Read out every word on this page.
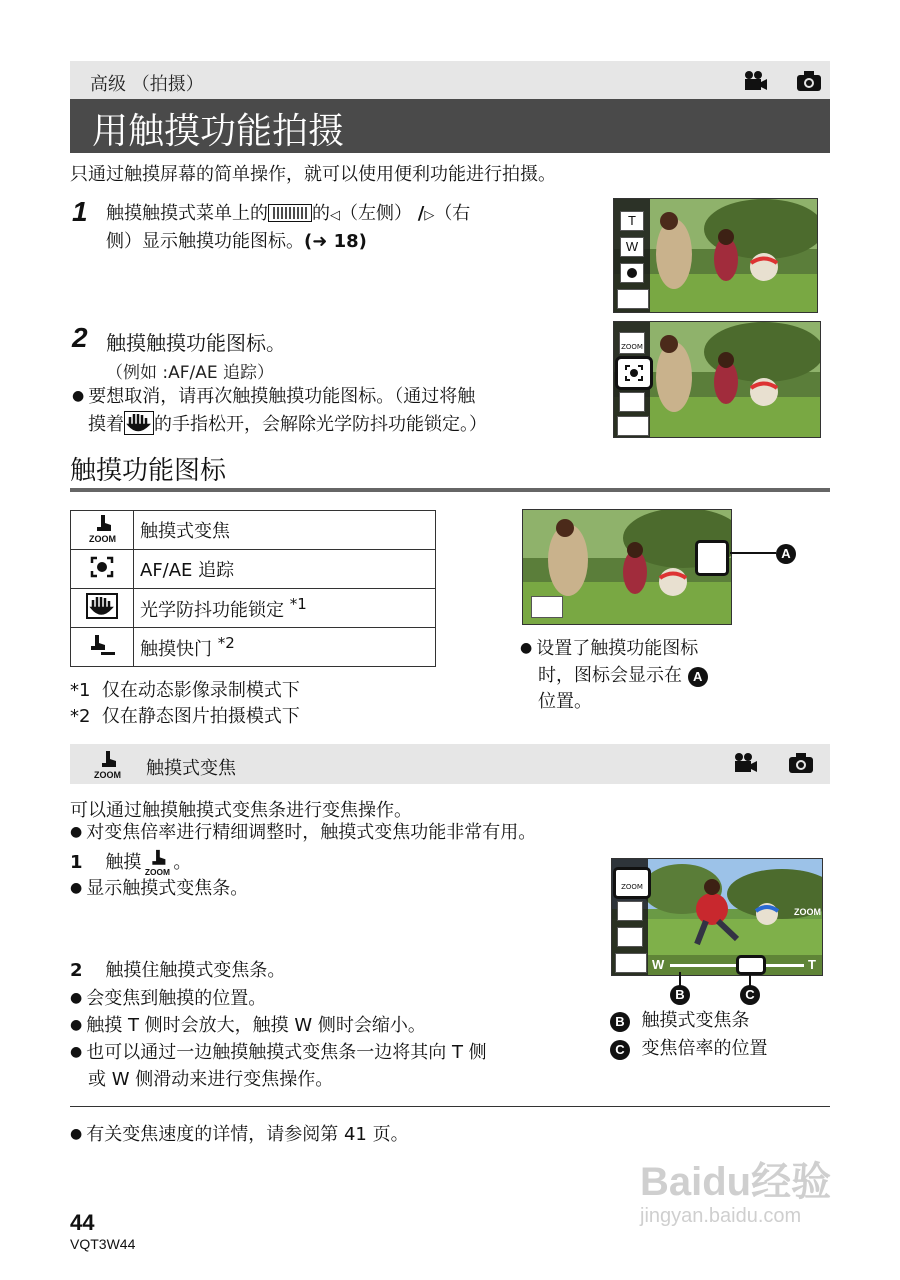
高级 （拍摄）
用触摸功能拍摄
只通过触摸屏幕的简单操作，就可以使用便利功能进行拍摄。
1 触摸触摸式菜单上的 的◁（左侧） /▷（右
侧）显示触摸功能图标。(➜ 18)
T
W
2 触摸触摸功能图标。
（例如 :AF/AE 追踪）
● 要想取消，请再次触摸触摸功能图标。（通过将触
摸着 的手指松开，会解除光学防抖功能锁定。）
ZOOM
触摸功能图标
ZOOM	触摸式变焦
	AF/AE 追踪
	光学防抖功能锁定 $^{*1}$
	触摸快门 $^{*2}$
*1 仅在动态影像录制模式下
*2 仅在静态图片拍摄模式下
A
● 设置了触摸功能图标
时，图标会显示在 A
位置。
ZOOM 触摸式变焦
可以通过触摸触摸式变焦条进行变焦操作。
● 对变焦倍率进行精细调整时，触摸式变焦功能非常有用。
1 触摸 ZOOM 。
● 显示触摸式变焦条。
2 触摸住触摸式变焦条。
● 会变焦到触摸的位置。
● 触摸 T 侧时会放大，触摸 W 侧时会缩小。
● 也可以通过一边触摸触摸式变焦条一边将其向 T 侧
或 W 侧滑动来进行变焦操作。
ZOOM
ZOOM
W	T
B	C
B 触摸式变焦条
C 变焦倍率的位置
● 有关变焦速度的详情，请参阅第 41 页。
44
VQT3W44
Baidu经验
jingyan.baidu.com
